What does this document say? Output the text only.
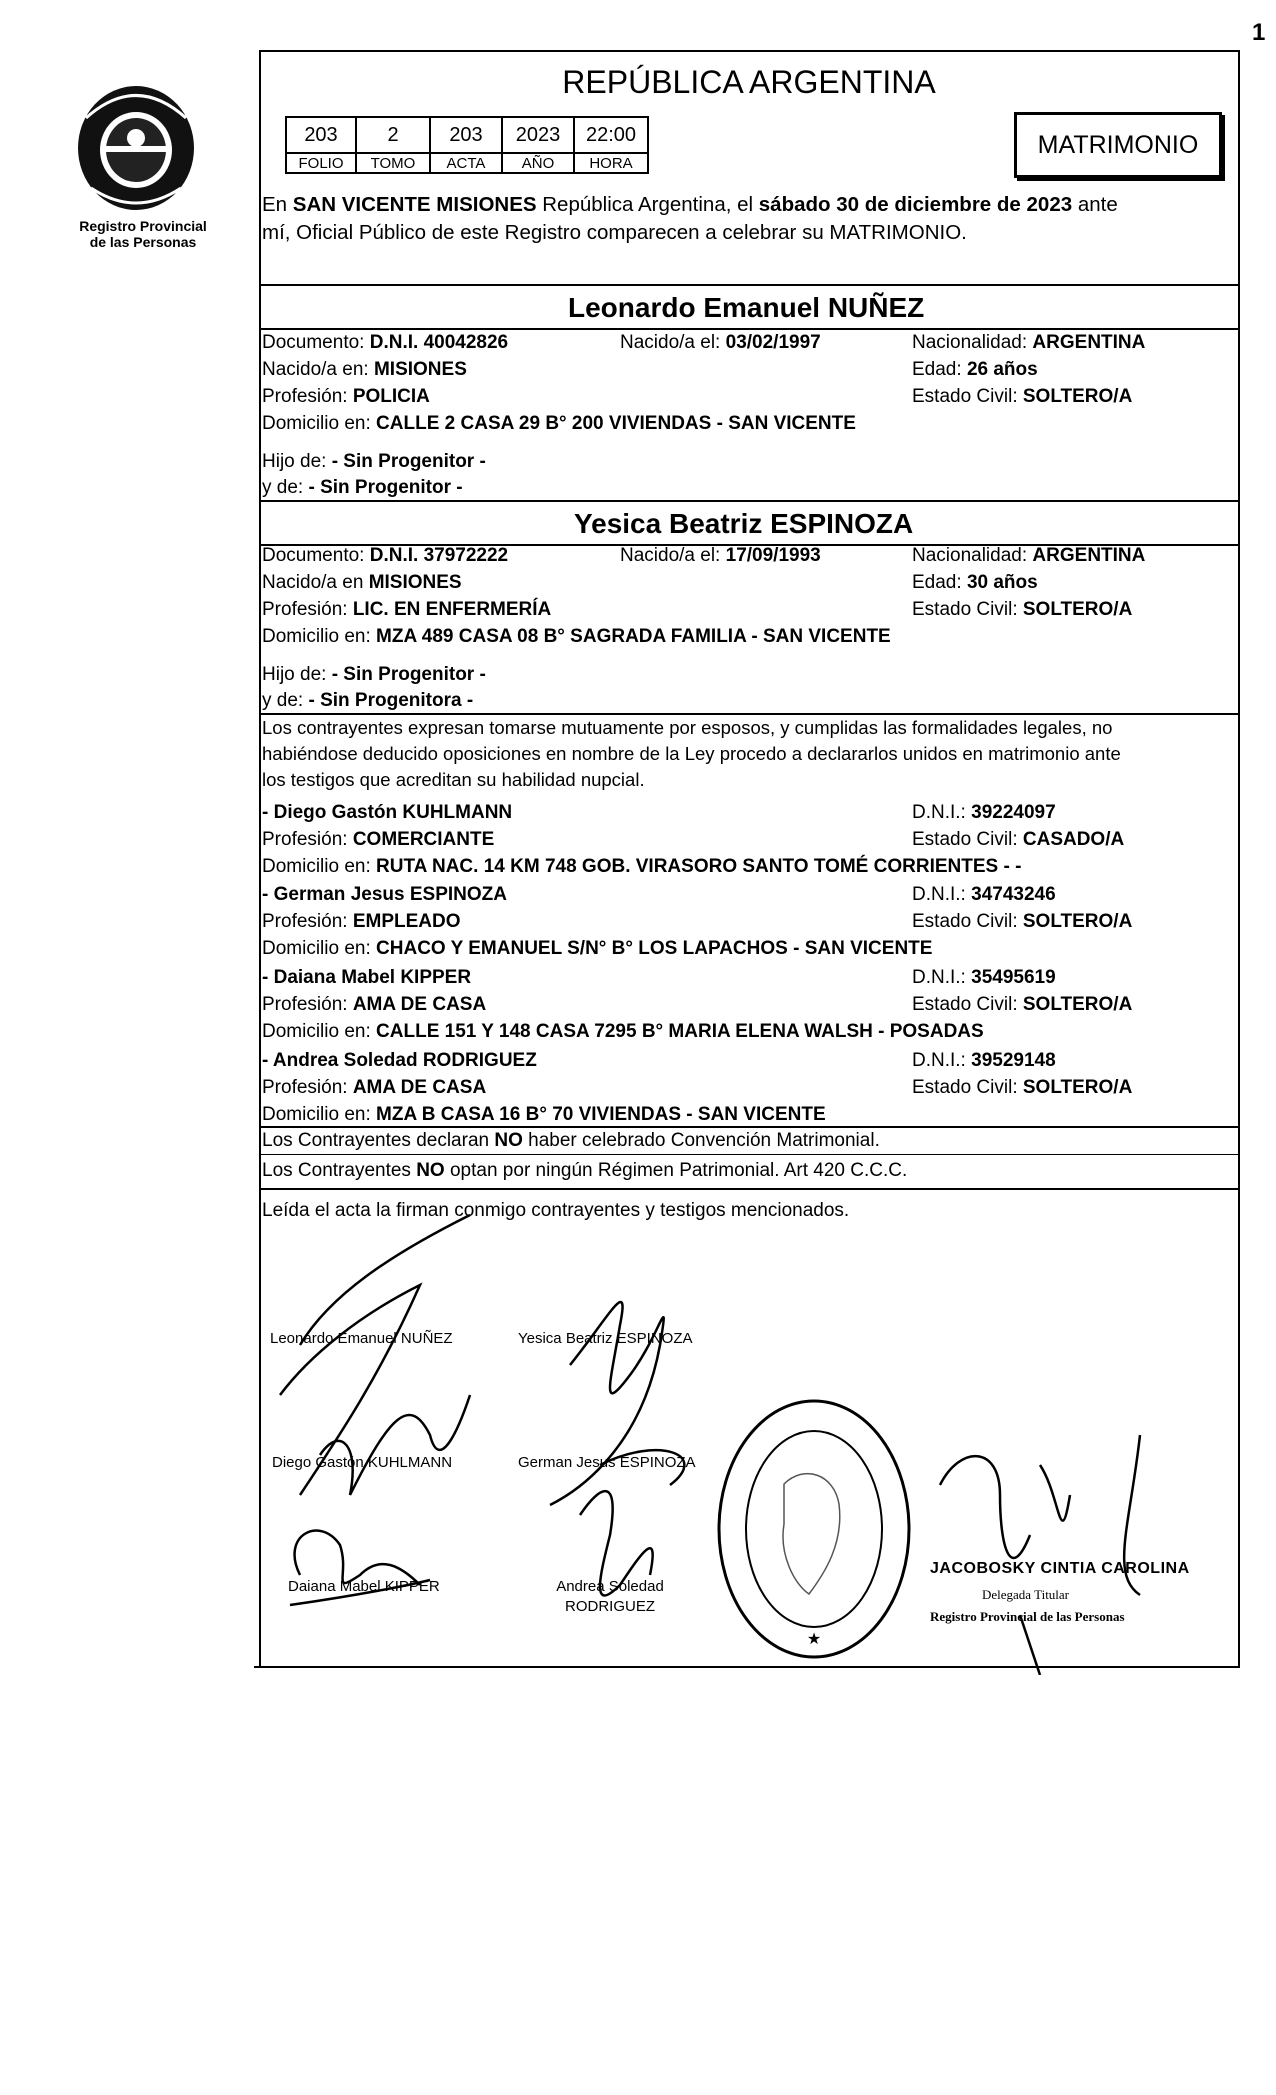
1
Registro Provincial
de las Personas
REPÚBLICA ARGENTINA
203	2	203	2023	22:00
FOLIO	TOMO	ACTA	AÑO	HORA
MATRIMONIO
En SAN VICENTE MISIONES República Argentina, el sábado 30 de diciembre de 2023 ante
mí, Oficial Público de este Registro comparecen a celebrar su MATRIMONIO.
Leonardo Emanuel NUÑEZ
Documento: D.N.I. 40042826	Nacido/a el: 03/02/1997	Nacionalidad: ARGENTINA
Nacido/a en: MISIONES	Edad: 26 años
Profesión: POLICIA	Estado Civil: SOLTERO/A
Domicilio en: CALLE 2 CASA 29 B° 200 VIVIENDAS - SAN VICENTE
Hijo de: - Sin Progenitor -
y de: - Sin Progenitor -
Yesica Beatriz ESPINOZA
Documento: D.N.I. 37972222	Nacido/a el: 17/09/1993	Nacionalidad: ARGENTINA
Nacido/a en MISIONES	Edad: 30 años
Profesión: LIC. EN ENFERMERÍA	Estado Civil: SOLTERO/A
Domicilio en: MZA 489 CASA 08 B° SAGRADA FAMILIA - SAN VICENTE
Hijo de: - Sin Progenitor -
y de: - Sin Progenitora -
Los contrayentes expresan tomarse mutuamente por esposos, y cumplidas las formalidades legales, no
habiéndose deducido oposiciones en nombre de la Ley procedo a declararlos unidos en matrimonio ante
los testigos que acreditan su habilidad nupcial.
- Diego Gastón KUHLMANN	D.N.I.: 39224097
Profesión: COMERCIANTE	Estado Civil: CASADO/A
Domicilio en: RUTA NAC. 14 KM 748 GOB. VIRASORO SANTO TOMÉ CORRIENTES - -
- German Jesus ESPINOZA	D.N.I.: 34743246
Profesión: EMPLEADO	Estado Civil: SOLTERO/A
Domicilio en: CHACO Y EMANUEL S/N° B° LOS LAPACHOS - SAN VICENTE
- Daiana Mabel KIPPER	D.N.I.: 35495619
Profesión: AMA DE CASA	Estado Civil: SOLTERO/A
Domicilio en: CALLE 151 Y 148 CASA 7295 B° MARIA ELENA WALSH - POSADAS
- Andrea Soledad RODRIGUEZ	D.N.I.: 39529148
Profesión: AMA DE CASA	Estado Civil: SOLTERO/A
Domicilio en: MZA B CASA 16 B° 70 VIVIENDAS - SAN VICENTE
Los Contrayentes declaran NO haber celebrado Convención Matrimonial.
Los Contrayentes NO optan por ningún Régimen Patrimonial. Art 420 C.C.C.
Leída el acta la firman conmigo contrayentes y testigos mencionados.
Leonardo Emanuel NUÑEZ	Yesica Beatriz ESPINOZA
Diego Gastón KUHLMANN	German Jesus ESPINOZA
Daiana Mabel KIPPER	Andrea Soledad
RODRIGUEZ
★
JACOBOSKY CINTIA CAROLINA
Delegada Titular
Registro Provincial de las Personas
